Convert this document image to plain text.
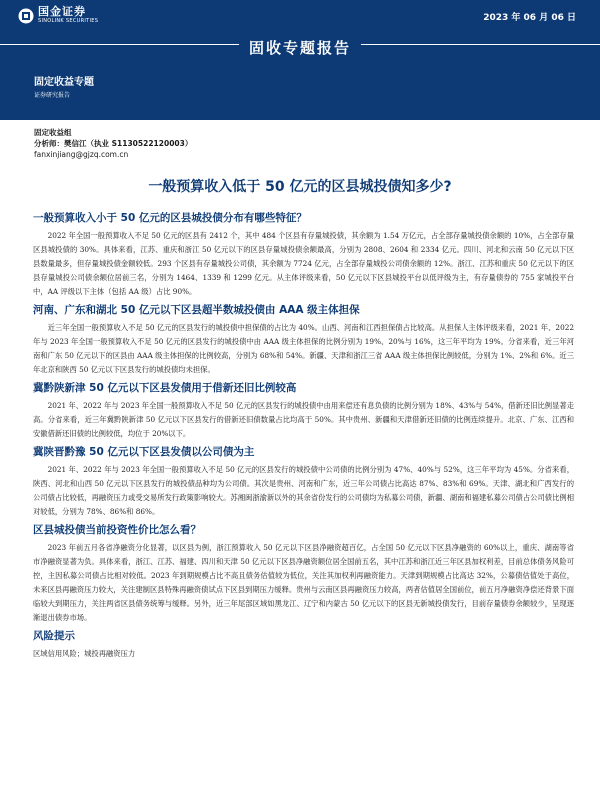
国金证券
SINOLINK SECURITIES	2023 年 06 月 06 日
固收专题报告
固定收益专题
证券研究报告
固定收益组
分析师：樊信江（执业 S1130522120003）
fanxinjiang@gjzq.com.cn
一般预算收入低于 50 亿元的区县城投债知多少?
一般预算收入小于 50 亿元的区县城投债分布有哪些特征？
2022 年全国一般预算收入不足 50 亿元的区县有 2412 个，其中 484 个区县有存量城投债，其余额为 1.54 万亿元，占全部存量城投债余额的 10%，占全部存量区县城投债的 30%。具体来看，江苏、重庆和浙江 50 亿元以下的区县存量城投债余额最高，分别为 2808、2604 和 2334 亿元。四川、河北和云南 50 亿元以下区县数量最多，但存量城投债金额较低。293 个区县有存量城投公司债，其余额为 7724 亿元，占全部存量城投公司债余额的 12%。浙江、江苏和重庆 50 亿元以下的区县存量城投公司债余额位居前三名，分别为 1464、1339 和 1299 亿元。从主体评级来看，50 亿元以下区县城投平台以低评级为主，有存量债券的 755 家城投平台中，AA 评级以下主体（包括 AA 级）占比 90%。
河南、广东和湖北 50 亿元以下区县超半数城投债由 AAA 级主体担保
近三年全国一般预算收入不足 50 亿元的区县发行的城投债中担保债的占比为 40%。山西、河南和江西担保债占比较高。从担保人主体评级来看，2021 年、2022 年与 2023 年全国一般预算收入不足 50 亿元的区县发行的城投债中由 AAA 级主体担保的比例分别为 19%、20%与 16%，这三年平均为 19%。分省来看，近三年河南和广东 50 亿元以下的区县由 AAA 级主体担保的比例较高，分别为 68%和 54%。新疆、天津和浙江三省 AAA 级主体担保比例较低，分别为 1%、2%和 6%。近三年北京和陕西 50 亿元以下区县发行的城投债均未担保。
冀黔陕新津 50 亿元以下区县发债用于借新还旧比例较高
2021 年、2022 年与 2023 年全国一般预算收入不足 50 亿元的区县发行的城投债中由用来偿还有息负债的比例分别为 18%、43%与 54%，借新还旧比例显著走高。分省来看，近三年冀黔陕新津 50 亿元以下区县发行的借新还旧债数量占比均高于 50%。其中贵州、新疆和天津借新还旧债的比例连续提升。北京、广东、江西和安徽借新还旧债的比例较低，均位于 20%以下。
冀陕晋黔豫 50 亿元以下区县发债以公司债为主
2021 年、2022 年与 2023 年全国一般预算收入不足 50 亿元的区县发行的城投债中公司债的比例分别为 47%、40%与 52%，这三年平均为 45%。分省来看，陕西、河北和山西 50 亿元以下区县发行的城投债品种均为公司债。其次是贵州、河南和广东，近三年公司债占比高达 87%、83%和 69%。天津、湖北和广西发行的公司债占比较低，再融资压力或受交易所发行政策影响较大。苏湘闽浙渝新以外的其余省份发行的公司债均为私募公司债，新疆、湖南和福建私募公司债占公司债比例相对较低，分别为 78%、86%和 86%。
区县城投债当前投资性价比怎么看？
2023 年前五月各省净融资分化显著，以区县为例，浙江预算收入 50 亿元以下区县净融资超百亿，占全国 50 亿元以下区县净融资的 60%以上，重庆、湖南等省市净融资显著为负。具体来看，浙江、江苏、福建、四川和天津 50 亿元以下区县净融资额位居全国前五名，其中江苏和浙江近三年区县加权利差，目前总体债务风险可控，主因私募公司债占比相对较低。2023 年到期规模占比不高且债务估值较为低位，关注其加权利再融资能力。天津到期规模占比高达 32%，公募债估值处于高位，未来区县再融资压力较大，关注建制区县特殊再融资债试点下区县到期压力缓释。贵州与云南区县再融资压力较高，两者估值居全国前位，前五月净融资净偿还背景下面临较大到期压力，关注两省区县债务统筹与缓释。另外，近三年尾部区域如黑龙江、辽宁和内蒙古 50 亿元以下的区县无新城投债发行，目前存量债券余额较少，呈现逐渐退出债券市场。
风险提示
区域信用风险；城投再融资压力
